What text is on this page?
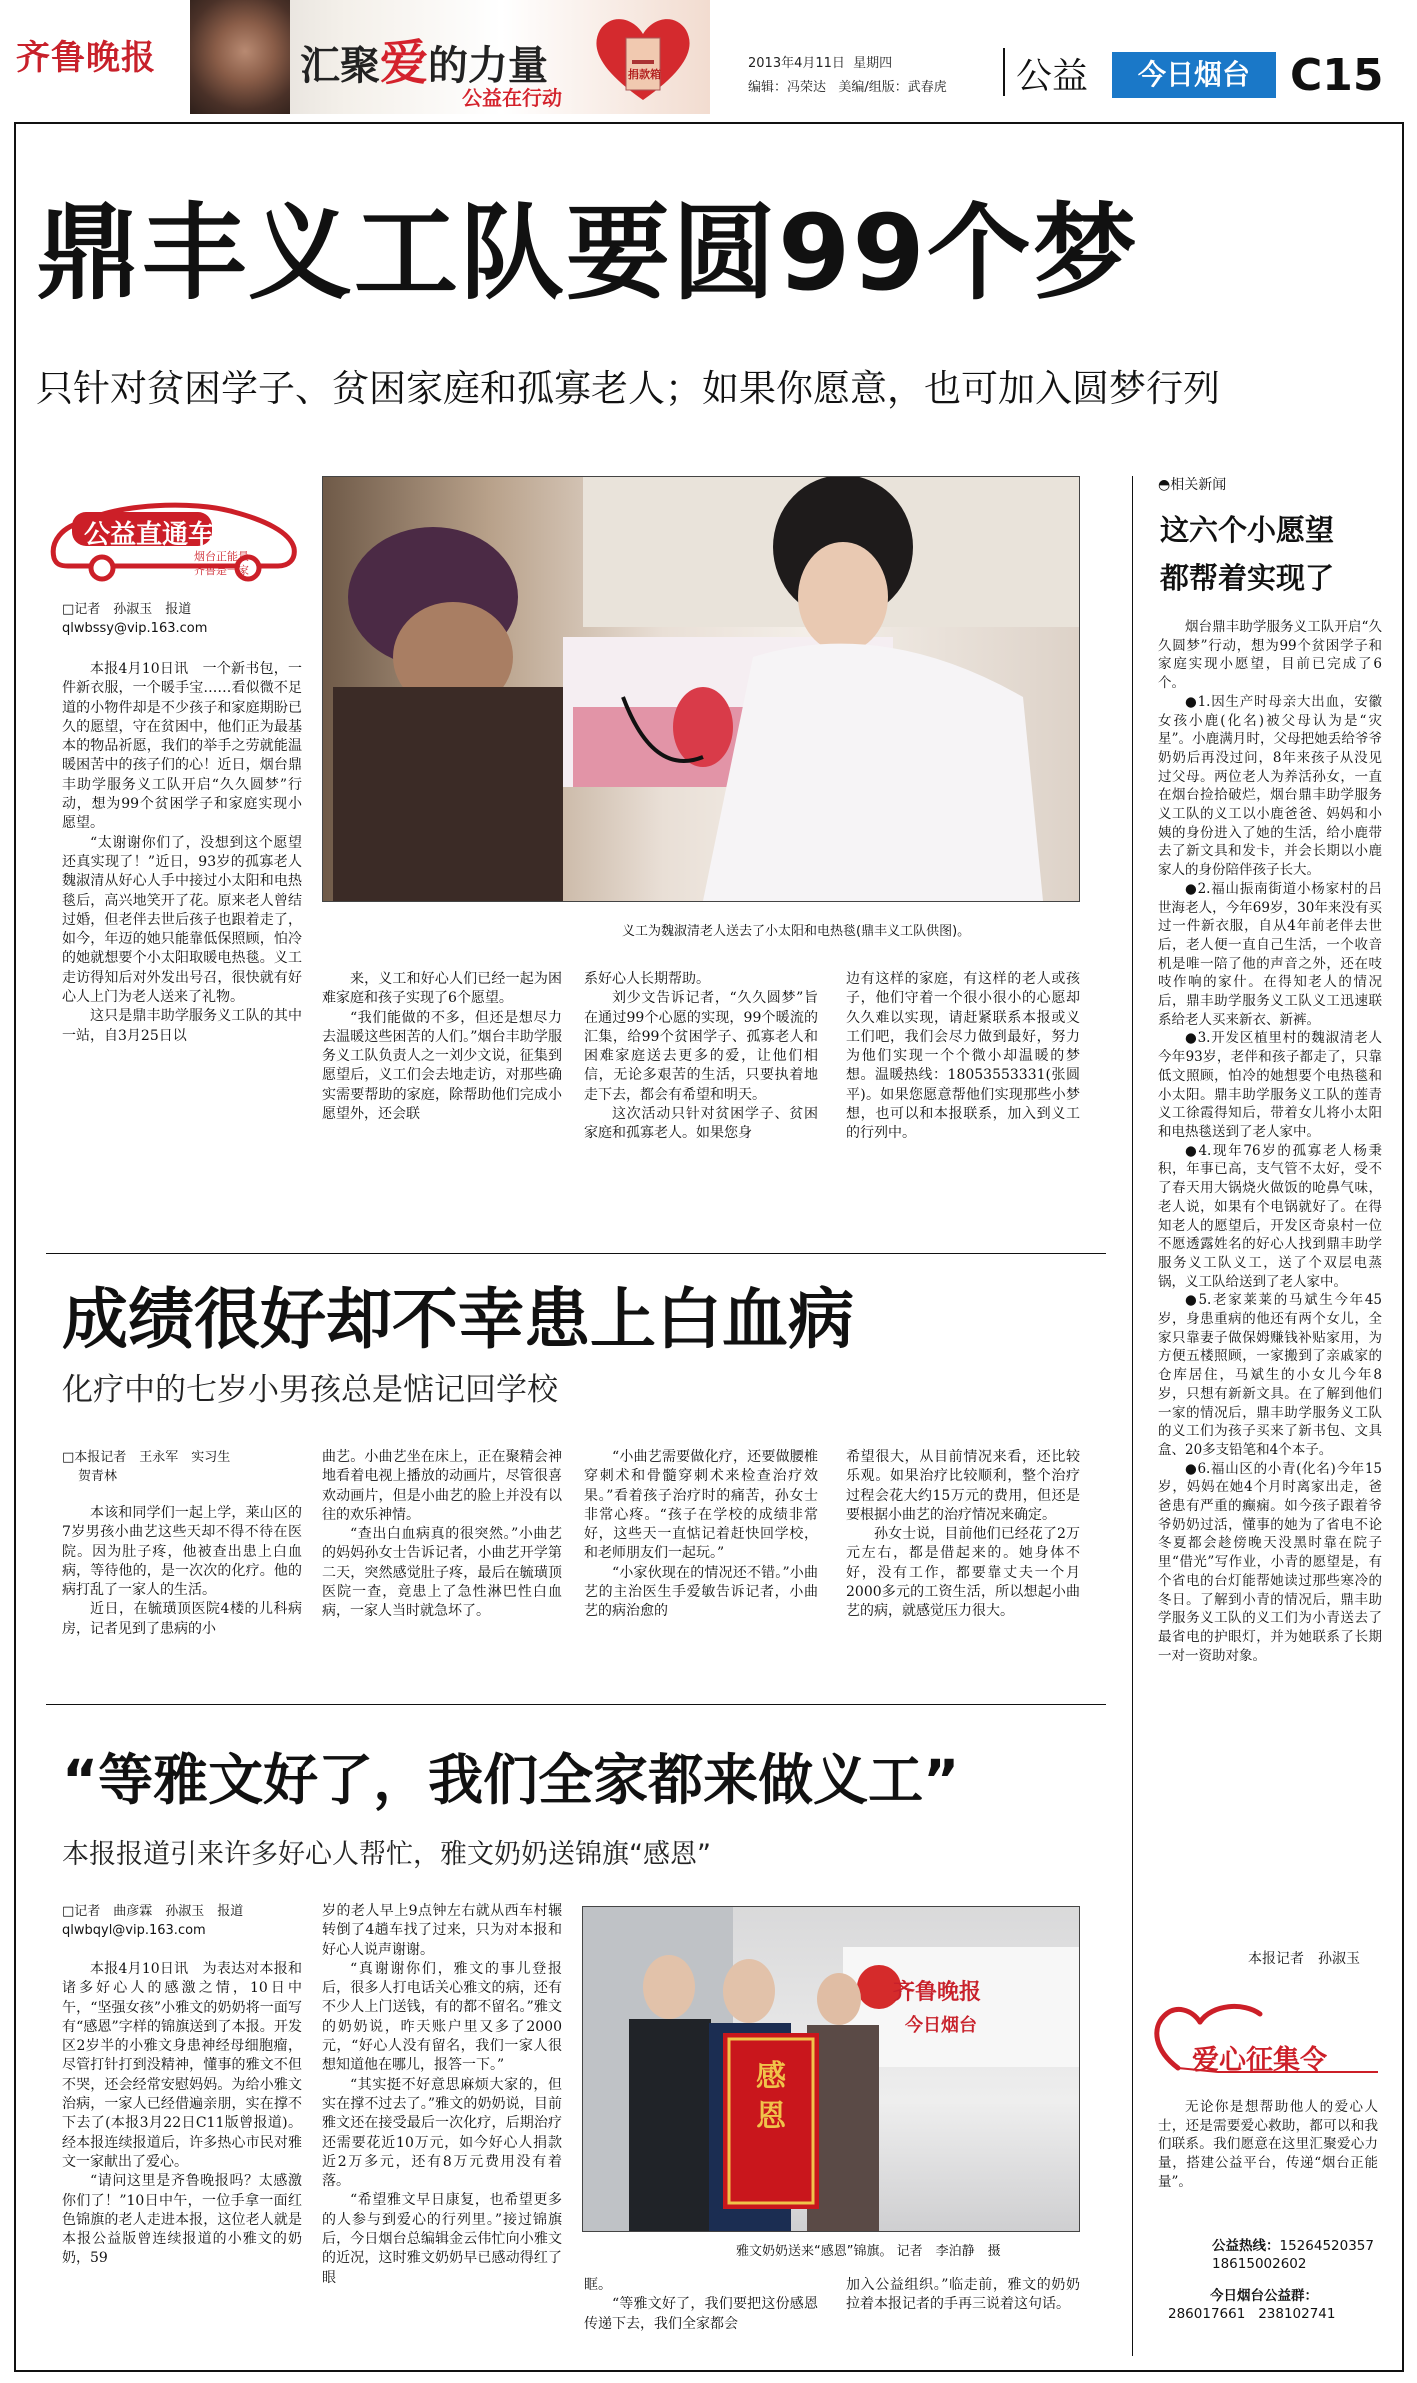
齐鲁晚报	汇聚爱的力量
公益在行动
捐款箱
2013年4月11日 星期四
编辑：冯荣达 美编/组版：武春虎 公益	今日烟台 C15
鼎丰义工队要圆99个梦
只针对贫困学子、贫困家庭和孤寡老人；如果你愿意，也可加入圆梦行列
公益直通车
烟台正能量
齐鲁是一家
□记者　孙淑玉　报道
qlwbssy@vip.163.com

本报4月10日讯　一个新书包，一件新衣服，一个暖手宝……看似微不足道的小物件却是不少孩子和家庭期盼已久的愿望，守在贫困中，他们正为最基本的物品祈愿，我们的举手之劳就能温暖困苦中的孩子们的心！近日，烟台鼎丰助学服务义工队开启“久久圆梦”行动，想为99个贫困学子和家庭实现小愿望。

“太谢谢你们了，没想到这个愿望还真实现了！”近日，93岁的孤寡老人魏淑清从好心人手中接过小太阳和电热毯后，高兴地笑开了花。原来老人曾结过婚，但老伴去世后孩子也跟着走了，如今，年迈的她只能靠低保照顾，怕冷的她就想要个小太阳取暖电热毯。义工走访得知后对外发出号召，很快就有好心人上门为老人送来了礼物。

这只是鼎丰助学服务义工队的其中一站，自3月25日以

义工为魏淑清老人送去了小太阳和电热毯(鼎丰义工队供图)。

来，义工和好心人们已经一起为困难家庭和孩子实现了6个愿望。

“我们能做的不多，但还是想尽力去温暖这些困苦的人们。”烟台丰助学服务义工队负责人之一刘少文说，征集到愿望后，义工们会去地走访，对那些确实需要帮助的家庭，除帮助他们完成小愿望外，还会联

系好心人长期帮助。

刘少文告诉记者，“久久圆梦”旨在通过99个心愿的实现，99个暖流的汇集，给99个贫困学子、孤寡老人和困难家庭送去更多的爱，让他们相信，无论多艰苦的生活，只要执着地走下去，都会有希望和明天。

这次活动只针对贫困学子、贫困家庭和孤寡老人。如果您身

边有这样的家庭，有这样的老人或孩子，他们守着一个很小很小的心愿却久久难以实现，请赶紧联系本报或义工们吧，我们会尽力做到最好，努力为他们实现一个个微小却温暖的梦想。温暖热线：18053553331(张圆平)。如果您愿意帮他们实现那些小梦想，也可以和本报联系，加入到义工的行列中。

成绩很好却不幸患上白血病
化疗中的七岁小男孩总是惦记回学校
□本报记者　王永军　实习生
贺青林

本该和同学们一起上学，莱山区的7岁男孩小曲艺这些天却不得不待在医院。因为肚子疼，他被查出患上白血病，等待他的，是一次次的化疗。他的病打乱了一家人的生活。

近日，在毓璜顶医院4楼的儿科病房，记者见到了患病的小

曲艺。小曲艺坐在床上，正在聚精会神地看着电视上播放的动画片，尽管很喜欢动画片，但是小曲艺的脸上并没有以往的欢乐神情。

“查出白血病真的很突然。”小曲艺的妈妈孙女士告诉记者，小曲艺开学第二天，突然感觉肚子疼，最后在毓璜顶医院一查，竟患上了急性淋巴性白血病，一家人当时就急坏了。

“小曲艺需要做化疗，还要做腰椎穿刺术和骨髓穿刺术来检查治疗效果。”看着孩子治疗时的痛苦，孙女士非常心疼。“孩子在学校的成绩非常好，这些天一直惦记着赶快回学校，和老师朋友们一起玩。”

“小家伙现在的情况还不错。”小曲艺的主治医生手爱敏告诉记者，小曲艺的病治愈的

希望很大，从目前情况来看，还比较乐观。如果治疗比较顺利，整个治疗过程会花大约15万元的费用，但还是要根据小曲艺的治疗情况来确定。

孙女士说，目前他们已经花了2万元左右，都是借起来的。她身体不好，没有工作，都要靠丈夫一个月2000多元的工资生活，所以想起小曲艺的病，就感觉压力很大。

“等雅文好了，我们全家都来做义工”
本报报道引来许多好心人帮忙，雅文奶奶送锦旗“感恩”
□记者　曲彦霖　孙淑玉　报道
qlwbqyl@vip.163.com

本报4月10日讯　为表达对本报和诸多好心人的感激之情，10日中午，“坚强女孩”小雅文的奶奶将一面写有“感恩”字样的锦旗送到了本报。开发区2岁半的小雅文身患神经母细胞瘤，尽管打针打到没精神，懂事的雅文不但不哭，还会经常安慰妈妈。为给小雅文治病，一家人已经借遍亲朋，实在撑不下去了(本报3月22日C11版曾报道)。经本报连续报道后，许多热心市民对雅文一家献出了爱心。

“请问这里是齐鲁晚报吗？太感激你们了！”10日中午，一位手拿一面红色锦旗的老人走进本报，这位老人就是本报公益版曾连续报道的小雅文的奶奶，59

岁的老人早上9点钟左右就从西车村辗转倒了4趟车找了过来，只为对本报和好心人说声谢谢。

“真谢谢你们，雅文的事儿登报后，很多人打电话关心雅文的病，还有不少人上门送钱，有的都不留名。”雅文的奶奶说，昨天账户里又多了2000元，“好心人没有留名，我们一家人很想知道他在哪儿，报答一下。”

“其实挺不好意思麻烦大家的，但实在撑不过去了。”雅文的奶奶说，目前雅文还在接受最后一次化疗，后期治疗还需要花近10万元，如今好心人捐款近2万多元，还有8万元费用没有着落。

“希望雅文早日康复，也希望更多的人参与到爱心的行列里。”接过锦旗后，今日烟台总编辑金云伟忙向小雅文的近况，这时雅文奶奶早已感动得红了眼

齐鲁晚报
今日烟台
感恩
雅文奶奶送来“感恩”锦旗。 记者　李泊静　摄

眶。

“等雅文好了，我们要把这份感恩传递下去，我们全家都会

加入公益组织。”临走前，雅文的奶奶拉着本报记者的手再三说着这句话。

◓相关新闻
这六个小愿望
都帮着实现了

烟台鼎丰助学服务义工队开启“久久圆梦”行动，想为99个贫困学子和家庭实现小愿望，目前已完成了6个。

●1.因生产时母亲大出血，安徽女孩小鹿(化名)被父母认为是“灾星”。小鹿满月时，父母把她丢给爷爷奶奶后再没过问，8年来孩子从没见过父母。两位老人为养活孙女，一直在烟台捡拾破烂，烟台鼎丰助学服务义工队的义工以小鹿爸爸、妈妈和小姨的身份进入了她的生活，给小鹿带去了新文具和发卡，并会长期以小鹿家人的身份陪伴孩子长大。

●2.福山振南街道小杨家村的吕世海老人，今年69岁，30年来没有买过一件新衣服，自从4年前老伴去世后，老人便一直自己生活，一个收音机是唯一陪了他的声音之外，还在吱吱作响的家什。在得知老人的情况后，鼎丰助学服务义工队义工迅速联系给老人买来新衣、新裤。

●3.开发区植里村的魏淑清老人今年93岁，老伴和孩子都走了，只靠低文照顾，怕冷的她想要个电热毯和小太阳。鼎丰助学服务义工队的莲青义工徐霞得知后，带着女儿将小太阳和电热毯送到了老人家中。

●4.现年76岁的孤寡老人杨秉积，年事已高，支气管不太好，受不了春天用大锅烧火做饭的呛鼻气味，老人说，如果有个电锅就好了。在得知老人的愿望后，开发区奇泉村一位不愿透露姓名的好心人找到鼎丰助学服务义工队义工，送了个双层电蒸锅，义工队给送到了老人家中。

●5.老家莱莱的马斌生今年45岁，身患重病的他还有两个女儿，全家只靠妻子做保姆赚钱补贴家用，为方便五楼照顾，一家搬到了亲戚家的仓库居住，马斌生的小女儿今年8岁，只想有新新文具。在了解到他们一家的情况后，鼎丰助学服务义工队的义工们为孩子买来了新书包、文具盒、20多支铅笔和4个本子。

●6.福山区的小青(化名)今年15岁，妈妈在她4个月时离家出走，爸爸患有严重的癫痫。如今孩子跟着爷爷奶奶过活，懂事的她为了省电不论冬夏都会趁傍晚天没黑时靠在院子里“借光”写作业，小青的愿望是，有个省电的台灯能帮她读过那些寒冷的冬日。了解到小青的情况后，鼎丰助学服务义工队的义工们为小青送去了最省电的护眼灯，并为她联系了长期一对一资助对象。

本报记者　孙淑玉
爱心征集令
无论你是想帮助他人的爱心人士，还是需要爱心救助，都可以和我们联系。我们愿意在这里汇聚爱心力量，搭建公益平台，传递“烟台正能量”。
公益热线：15264520357
18615002602
今日烟台公益群：
286017661 238102741
